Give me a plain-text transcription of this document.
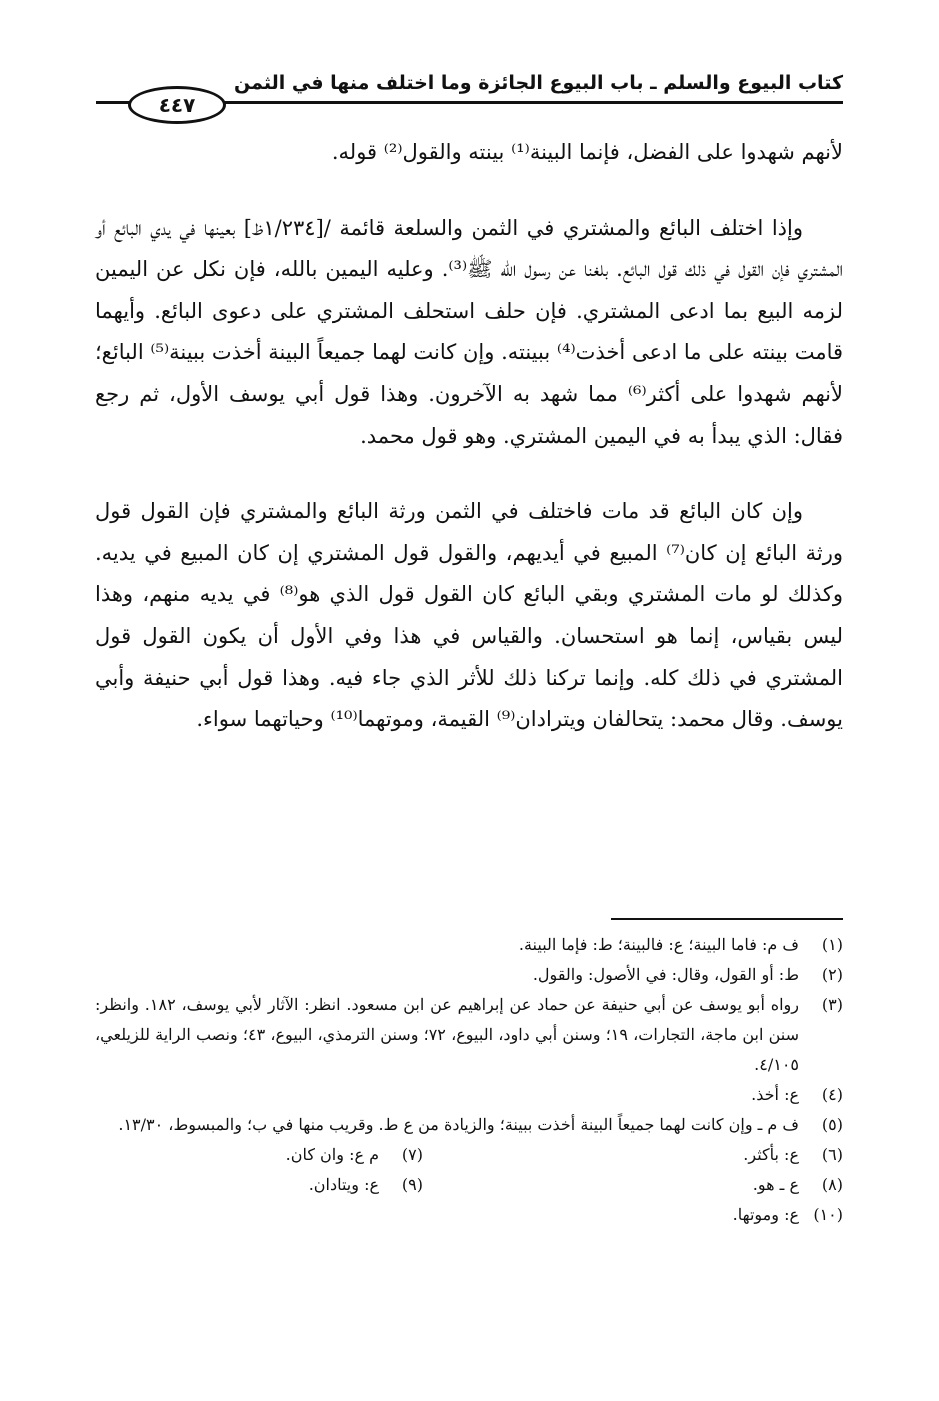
كتاب البيوع والسلم ـ باب البيوع الجائزة وما اختلف منها في الثمن
٤٤٧

لأنهم شهدوا على الفضل، فإنما البينة⁽¹⁾ بينته والقول⁽²⁾ قوله.

وإذا اختلف البائع والمشتري في الثمن والسلعة قائمة /[١/٢٣٤ظ] بعينها في يدي البائع أو المشتري فإن القول في ذلك قول البائع. بلغنا عن رسول الله ﷺ⁽³⁾. وعليه اليمين بالله، فإن نكل عن اليمين لزمه البيع بما ادعى المشتري. فإن حلف استحلف المشتري على دعوى البائع. وأيهما قامت بينته على ما ادعى أخذت⁽⁴⁾ ببينته. وإن كانت لهما جميعاً البينة أخذت ببينة⁽⁵⁾ البائع؛ لأنهم شهدوا على أكثر⁽⁶⁾ مما شهد به الآخرون. وهذا قول أبي يوسف الأول، ثم رجع فقال: الذي يبدأ به في اليمين المشتري. وهو قول محمد.

وإن كان البائع قد مات فاختلف في الثمن ورثة البائع والمشتري فإن القول قول ورثة البائع إن كان⁽⁷⁾ المبيع في أيديهم، والقول قول المشتري إن كان المبيع في يديه. وكذلك لو مات المشتري وبقي البائع كان القول قول الذي هو⁽⁸⁾ في يديه منهم، وهذا ليس بقياس، إنما هو استحسان. والقياس في هذا وفي الأول أن يكون القول قول المشتري في ذلك كله. وإنما تركنا ذلك للأثر الذي جاء فيه. وهذا قول أبي حنيفة وأبي يوسف. وقال محمد: يتحالفان ويترادان⁽⁹⁾ القيمة، وموتهما⁽¹⁰⁾ وحياتهما سواء.

(١)
ف م: فاما البينة؛ ع: فالبينة؛ ط: فإما البينة.
(٢)
ط: أو القول، وقال: في الأصول: والقول.
(٣)
رواه أبو يوسف عن أبي حنيفة عن حماد عن إبراهيم عن ابن مسعود. انظر: الآثار لأبي يوسف، ١٨٢. وانظر: سنن ابن ماجة، التجارات، ١٩؛ وسنن أبي داود، البيوع، ٧٢؛ وسنن الترمذي، البيوع، ٤٣؛ ونصب الراية للزيلعي، ٤/١٠٥.
(٤)
ع: أخذ.
(٥)
ف م ـ وإن كانت لهما جميعاً البينة أخذت ببينة؛ والزيادة من ع ط. وقريب منها في ب؛ والمبسوط، ١٣/٣٠.
(٦)
ع: بأكثر.
(٧)
م ع: وان كان.
(٨)
ع ـ هو.
(٩)
ع: ويتادان.
(١٠)
ع: وموتها.
